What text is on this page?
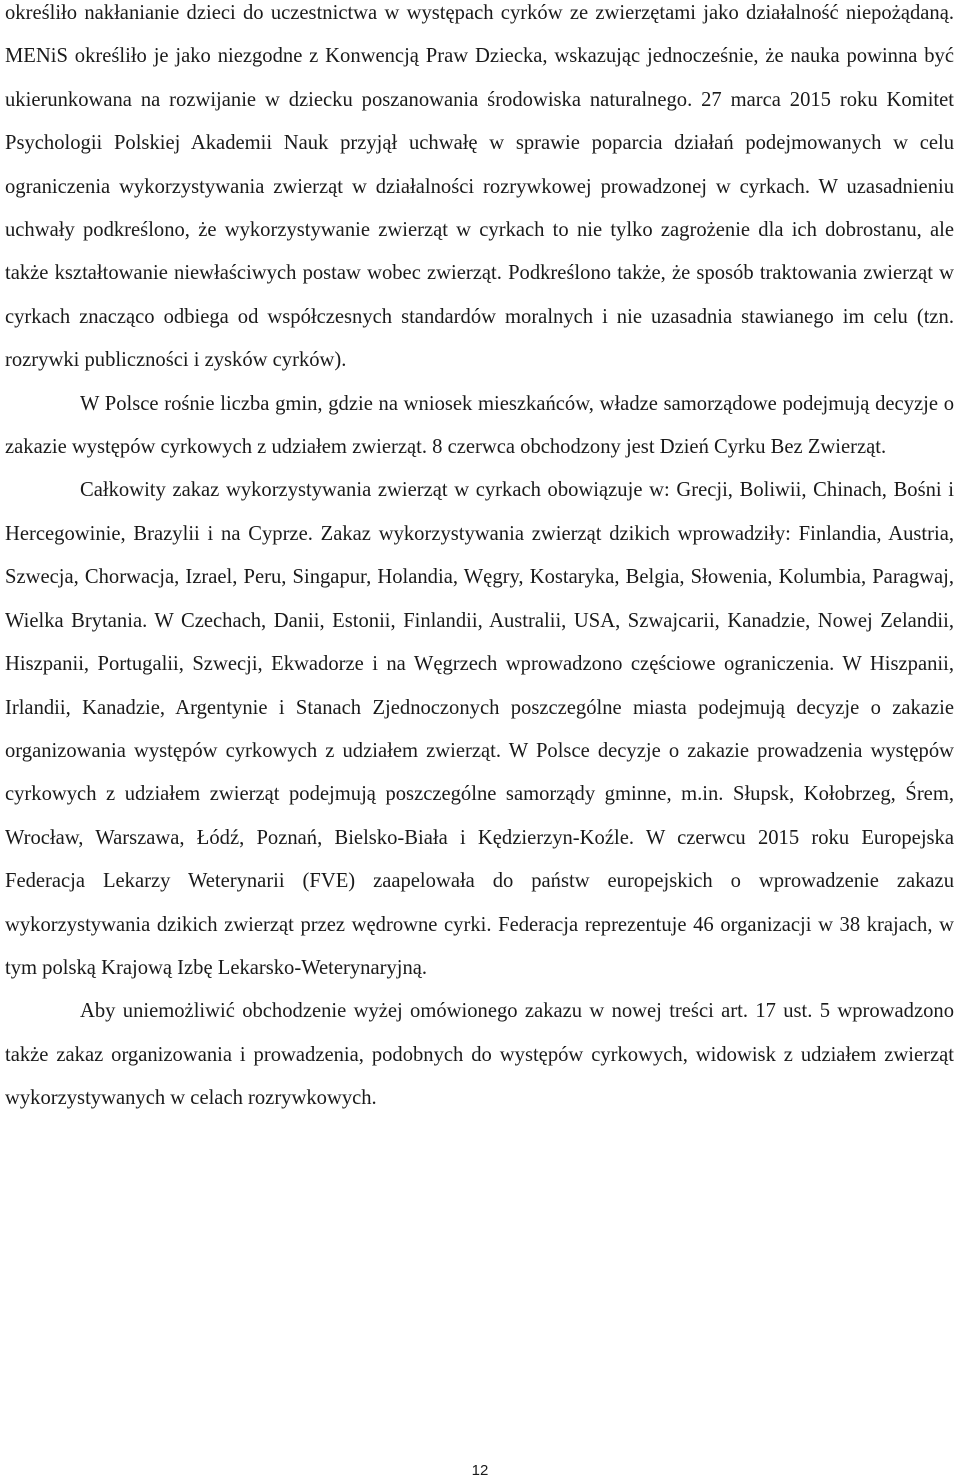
określiło nakłanianie dzieci do uczestnictwa w występach cyrków ze zwierzętami jako działalność niepożądaną. MENiS określiło je jako niezgodne z Konwencją Praw Dziecka, wskazując jednocześnie, że nauka powinna być ukierunkowana na rozwijanie w dziecku poszanowania środowiska naturalnego. 27 marca 2015 roku Komitet Psychologii Polskiej Akademii Nauk przyjął uchwałę w sprawie poparcia działań podejmowanych w celu ograniczenia wykorzystywania zwierząt w działalności rozrywkowej prowadzonej w cyrkach. W uzasadnieniu uchwały podkreślono, że wykorzystywanie zwierząt w cyrkach to nie tylko zagrożenie dla ich dobrostanu, ale także kształtowanie niewłaściwych postaw wobec zwierząt. Podkreślono także, że sposób traktowania zwierząt w cyrkach znacząco odbiega od współczesnych standardów moralnych i nie uzasadnia stawianego im celu (tzn. rozrywki publiczności i zysków cyrków).

W Polsce rośnie liczba gmin, gdzie na wniosek mieszkańców, władze samorządowe podejmują decyzje o zakazie występów cyrkowych z udziałem zwierząt. 8 czerwca obchodzony jest Dzień Cyrku Bez Zwierząt.

Całkowity zakaz wykorzystywania zwierząt w cyrkach obowiązuje w: Grecji, Boliwii, Chinach, Bośni i Hercegowinie, Brazylii i na Cyprze. Zakaz wykorzystywania zwierząt dzikich wprowadziły: Finlandia, Austria, Szwecja, Chorwacja, Izrael, Peru, Singapur, Holandia, Węgry, Kostaryka, Belgia, Słowenia, Kolumbia, Paragwaj, Wielka Brytania. W Czechach, Danii, Estonii, Finlandii, Australii, USA, Szwajcarii, Kanadzie, Nowej Zelandii, Hiszpanii, Portugalii, Szwecji, Ekwadorze i na Węgrzech wprowadzono częściowe ograniczenia. W Hiszpanii, Irlandii, Kanadzie, Argentynie i Stanach Zjednoczonych poszczególne miasta podejmują decyzje o zakazie organizowania występów cyrkowych z udziałem zwierząt. W Polsce decyzje o zakazie prowadzenia występów cyrkowych z udziałem zwierząt podejmują poszczególne samorządy gminne, m.in. Słupsk, Kołobrzeg, Śrem, Wrocław, Warszawa, Łódź, Poznań, Bielsko-Biała i Kędzierzyn-Koźle. W czerwcu 2015 roku Europejska Federacja Lekarzy Weterynarii (FVE) zaapelowała do państw europejskich o wprowadzenie zakazu wykorzystywania dzikich zwierząt przez wędrowne cyrki. Federacja reprezentuje 46 organizacji w 38 krajach, w tym polską Krajową Izbę Lekarsko-Weterynaryjną.

Aby uniemożliwić obchodzenie wyżej omówionego zakazu w nowej treści art. 17 ust. 5 wprowadzono także zakaz organizowania i prowadzenia, podobnych do występów cyrkowych, widowisk z udziałem zwierząt wykorzystywanych w celach rozrywkowych.

12
